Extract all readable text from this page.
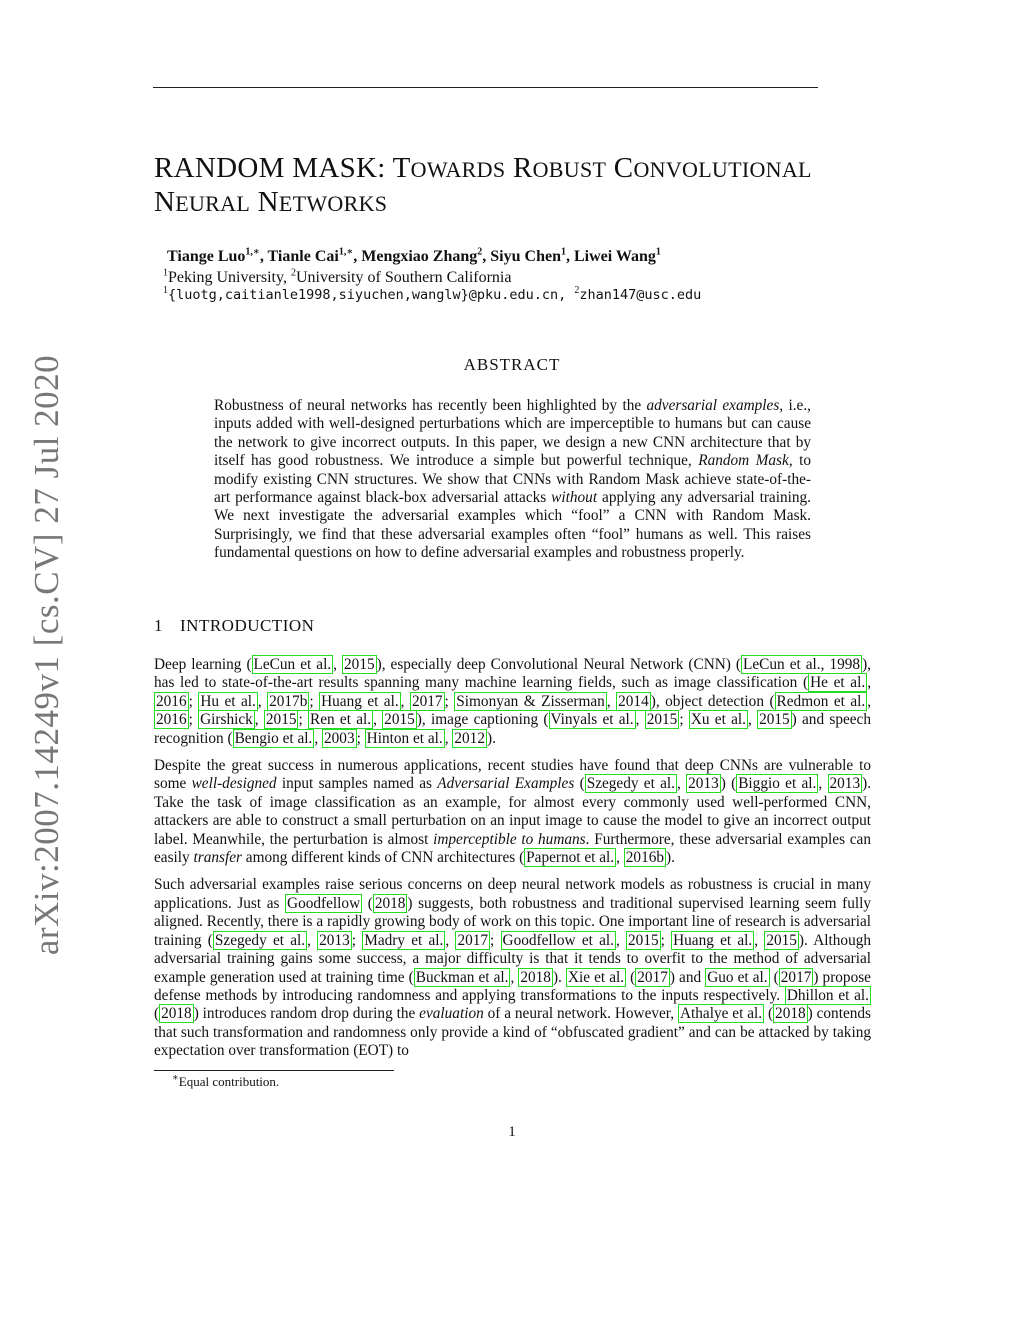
arXiv:2007.14249v1 [cs.CV] 27 Jul 2020
RANDOM MASK: TOWARDS ROBUST CONVOLUTIONAL
NEURAL NETWORKS
Tiange Luo$^{1,∗}$, Tianle Cai$^{1,∗}$, Mengxiao Zhang$^2$, Siyu Chen$^1$, Liwei Wang$^1$
$^1$Peking University, $^2$University of Southern California
$^1${luotg,caitianle1998,siyuchen,wanglw}@pku.edu.cn, $^2$zhan147@usc.edu
ABSTRACT
Robustness of neural networks has recently been highlighted by the adversarial examples, i.e., inputs added with well-designed perturbations which are imperceptible to humans but can cause the network to give incorrect outputs. In this paper, we design a new CNN architecture that by itself has good robustness. We introduce a simple but powerful technique, Random Mask, to modify existing CNN structures. We show that CNNs with Random Mask achieve state-of-the-art performance against black-box adversarial attacks without applying any adversarial training. We next investigate the adversarial examples which “fool” a CNN with Random Mask. Surprisingly, we find that these adversarial examples often “fool” humans as well. This raises fundamental questions on how to define adversarial examples and robustness properly.
1 INTRODUCTION

Deep learning ( LeCun et al. , 2015 ), especially deep Convolutional Neural Network (CNN) ( LeCun et al., 1998 ), has led to state-of-the-art results spanning many machine learning fields, such as image classification ( He et al. , 2016 ; Hu et al. , 2017b ; Huang et al. , 2017 ; Simonyan & Zisserman , 2014 ), object detection ( Redmon et al. , 2016 ; Girshick , 2015 ; Ren et al. , 2015 ), image captioning ( Vinyals et al. , 2015 ; Xu et al. , 2015 ) and speech recognition ( Bengio et al. , 2003 ; Hinton et al. , 2012 ).

Despite the great success in numerous applications, recent studies have found that deep CNNs are vulnerable to some well-designed input samples named as Adversarial Examples ( Szegedy et al. , 2013 ) ( Biggio et al. , 2013 ). Take the task of image classification as an example, for almost every commonly used well-performed CNN, attackers are able to construct a small perturbation on an input image to cause the model to give an incorrect output label. Meanwhile, the perturbation is almost imperceptible to humans. Furthermore, these adversarial examples can easily transfer among different kinds of CNN architectures ( Papernot et al. , 2016b ).

Such adversarial examples raise serious concerns on deep neural network models as robustness is crucial in many applications. Just as Goodfellow ( 2018 ) suggests, both robustness and traditional supervised learning seem fully aligned. Recently, there is a rapidly growing body of work on this topic. One important line of research is adversarial training ( Szegedy et al. , 2013 ; Madry et al. , 2017 ; Goodfellow et al. , 2015 ; Huang et al. , 2015 ). Although adversarial training gains some success, a major difficulty is that it tends to overfit to the method of adversarial example generation used at training time ( Buckman et al. , 2018 ). Xie et al. ( 2017 ) and Guo et al. ( 2017 ) propose defense methods by introducing randomness and applying transformations to the inputs respectively. Dhillon et al. ( 2018 ) introduces random drop during the evaluation of a neural network. However, Athalye et al. ( 2018 ) contends that such transformation and randomness only provide a kind of “obfuscated gradient” and can be attacked by taking expectation over transformation (EOT) to

∗Equal contribution.
1
